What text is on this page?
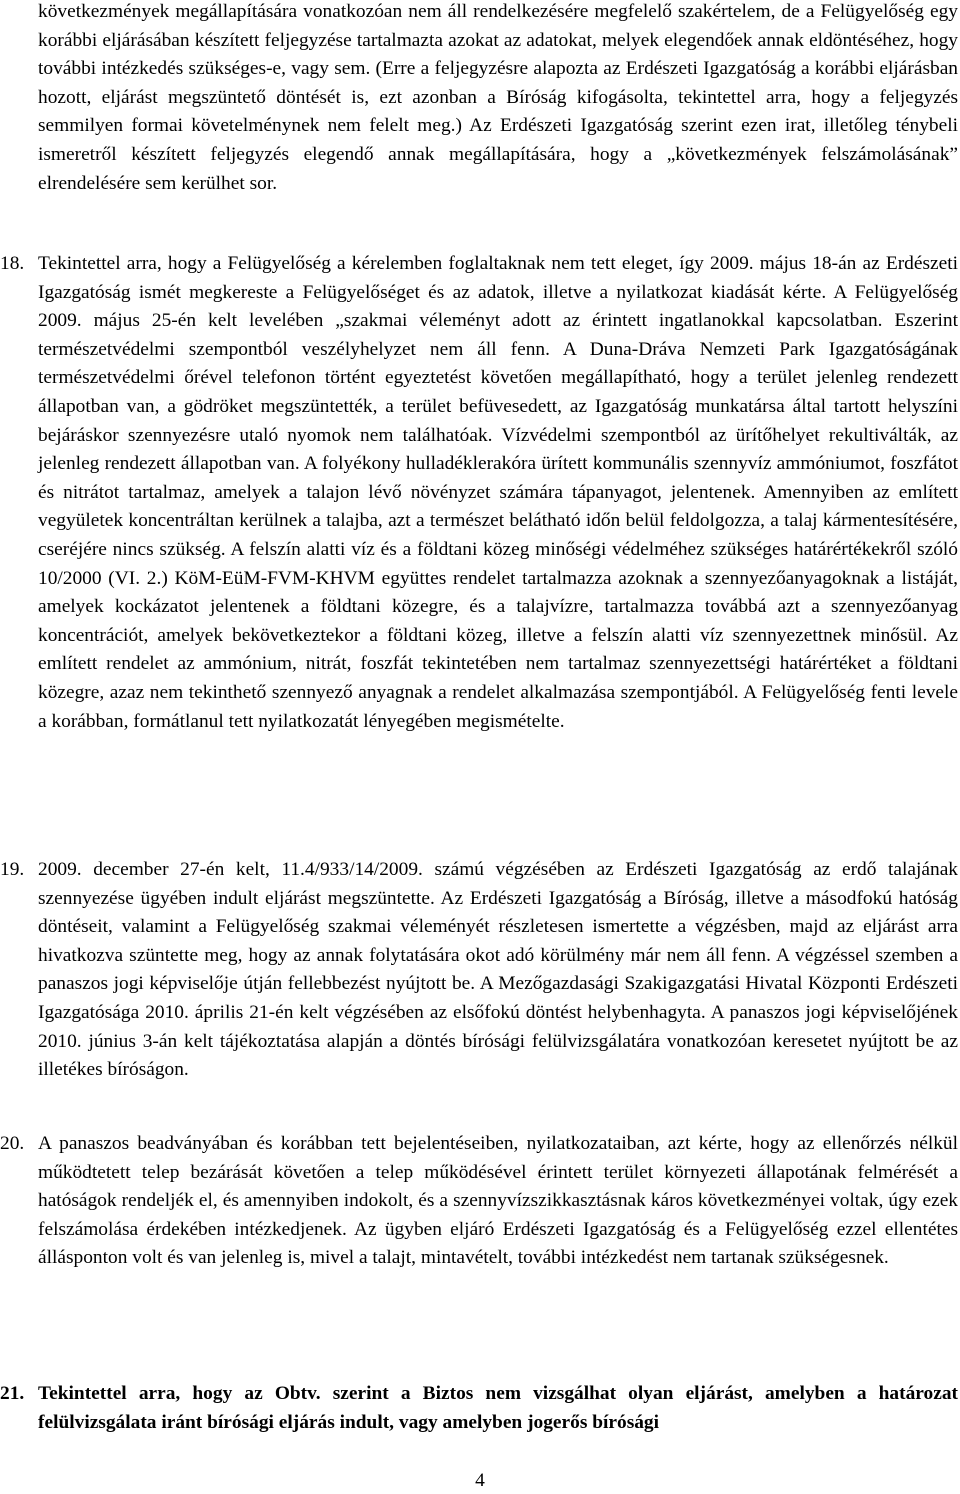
következmények megállapítására vonatkozóan nem áll rendelkezésére megfelelő szakértelem, de a Felügyelőség egy korábbi eljárásában készített feljegyzése tartalmazta azokat az adatokat, melyek elegendőek annak eldöntéséhez, hogy további intézkedés szükséges-e, vagy sem. (Erre a feljegyzésre alapozta az Erdészeti Igazgatóság a korábbi eljárásban hozott, eljárást megszüntető döntését is, ezt azonban a Bíróság kifogásolta, tekintettel arra, hogy a feljegyzés semmilyen formai követelménynek nem felelt meg.) Az Erdészeti Igazgatóság szerint ezen irat, illetőleg ténybeli ismeretről készített feljegyzés elegendő annak megállapítására, hogy a „következmények felszámolásának” elrendelésére sem kerülhet sor.

18. Tekintettel arra, hogy a Felügyelőség a kérelemben foglaltaknak nem tett eleget, így 2009. május 18-án az Erdészeti Igazgatóság ismét megkereste a Felügyelőséget és az adatok, illetve a nyilatkozat kiadását kérte. A Felügyelőség 2009. május 25-én kelt levelében „szakmai véleményt adott az érintett ingatlanokkal kapcsolatban. Eszerint természetvédelmi szempontból veszélyhelyzet nem áll fenn. A Duna-Dráva Nemzeti Park Igazgatóságának természetvédelmi őrével telefonon történt egyeztetést követően megállapítható, hogy a terület jelenleg rendezett állapotban van, a gödröket megszüntették, a terület befüvesedett, az Igazgatóság munkatársa által tartott helyszíni bejáráskor szennyezésre utaló nyomok nem találhatóak. Vízvédelmi szempontból az ürítőhelyet rekultiválták, az jelenleg rendezett állapotban van. A folyékony hulladéklerakóra ürített kommunális szennyvíz ammóniumot, foszfátot és nitrátot tartalmaz, amelyek a talajon lévő növényzet számára tápanyagot, jelentenek. Amennyiben az említett vegyületek koncentráltan kerülnek a talajba, azt a természet belátható időn belül feldolgozza, a talaj kármentesítésére, cseréjére nincs szükség. A felszín alatti víz és a földtani közeg minőségi védelméhez szükséges határértékekről szóló 10/2000 (VI. 2.) KöM-EüM-FVM-KHVM együttes rendelet tartalmazza azoknak a szennyezőanyagoknak a listáját, amelyek kockázatot jelentenek a földtani közegre, és a talajvízre, tartalmazza továbbá azt a szennyezőanyag koncentrációt, amelyek bekövetkeztekor a földtani közeg, illetve a felszín alatti víz szennyezettnek minősül. Az említett rendelet az ammónium, nitrát, foszfát tekintetében nem tartalmaz szennyezettségi határértéket a földtani közegre, azaz nem tekinthető szennyező anyagnak a rendelet alkalmazása szempontjából. A Felügyelőség fenti levele a korábban, formátlanul tett nyilatkozatát lényegében megismételte.
19. 2009. december 27-én kelt, 11.4/933/14/2009. számú végzésében az Erdészeti Igazgatóság az erdő talajának szennyezése ügyében indult eljárást megszüntette. Az Erdészeti Igazgatóság a Bíróság, illetve a másodfokú hatóság döntéseit, valamint a Felügyelőség szakmai véleményét részletesen ismertette a végzésben, majd az eljárást arra hivatkozva szüntette meg, hogy az annak folytatására okot adó körülmény már nem áll fenn. A végzéssel szemben a panaszos jogi képviselője útján fellebbezést nyújtott be. A Mezőgazdasági Szakigazgatási Hivatal Központi Erdészeti Igazgatósága 2010. április 21-én kelt végzésében az elsőfokú döntést helybenhagyta. A panaszos jogi képviselőjének 2010. június 3-án kelt tájékoztatása alapján a döntés bírósági felülvizsgálatára vonatkozóan keresetet nyújtott be az illetékes bíróságon.
20. A panaszos beadványában és korábban tett bejelentéseiben, nyilatkozataiban, azt kérte, hogy az ellenőrzés nélkül működtetett telep bezárását követően a telep működésével érintett terület környezeti állapotának felmérését a hatóságok rendeljék el, és amennyiben indokolt, és a szennyvízszikkasztásnak káros következményei voltak, úgy ezek felszámolása érdekében intézkedjenek. Az ügyben eljáró Erdészeti Igazgatóság és a Felügyelőség ezzel ellentétes állásponton volt és van jelenleg is, mivel a talajt, mintavételt, további intézkedést nem tartanak szükségesnek.
21. Tekintettel arra, hogy az Obtv. szerint a Biztos nem vizsgálhat olyan eljárást, amelyben a határozat felülvizsgálata iránt bírósági eljárás indult, vagy amelyben jogerős bírósági
4
